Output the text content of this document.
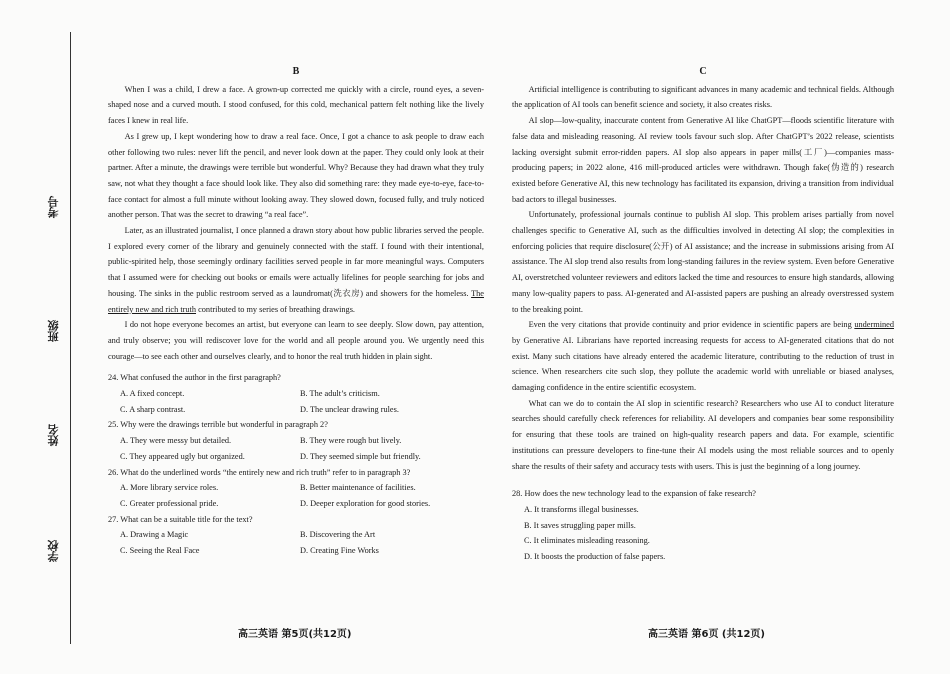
考号
班级
姓名
学校
B

When I was a child, I drew a face. A grown-up corrected me quickly with a circle, round eyes, a seven-shaped nose and a curved mouth. I stood confused, for this cold, mechanical pattern felt nothing like the lively faces I knew in real life.

As I grew up, I kept wondering how to draw a real face. Once, I got a chance to ask people to draw each other following two rules: never lift the pencil, and never look down at the paper. They could only look at their partner. After a minute, the drawings were terrible but wonderful. Why? Because they had drawn what they truly saw, not what they thought a face should look like. They also did something rare: they made eye-to-eye, face-to-face contact for almost a full minute without looking away. They slowed down, focused fully, and truly noticed another person. That was the secret to drawing “a real face”.

Later, as an illustrated journalist, I once planned a drawn story about how public libraries served the people. I explored every corner of the library and genuinely connected with the staff. I found with their intentional, public-spirited help, those seemingly ordinary facilities served people in far more meaningful ways. Computers that I assumed were for checking out books or emails were actually lifelines for people searching for jobs and housing. The sinks in the public restroom served as a laundromat(洗衣房) and showers for the homeless. The entirely new and rich truth contributed to my series of breathing drawings.

I do not hope everyone becomes an artist, but everyone can learn to see deeply. Slow down, pay attention, and truly observe; you will rediscover love for the world and all people around you. We urgently need this courage—to see each other and ourselves clearly, and to honor the real truth hidden in plain sight.

24. What confused the author in the first paragraph?
A. A fixed concept.	B. The adult’s criticism.
C. A sharp contrast.	D. The unclear drawing rules.
25. Why were the drawings terrible but wonderful in paragraph 2?
A. They were messy but detailed.	B. They were rough but lively.
C. They appeared ugly but organized.	D. They seemed simple but friendly.
26. What do the underlined words “the entirely new and rich truth” refer to in paragraph 3?
A. More library service roles.	B. Better maintenance of facilities.
C. Greater professional pride.	D. Deeper exploration for good stories.
27. What can be a suitable title for the text?
A. Drawing a Magic	B. Discovering the Art
C. Seeing the Real Face	D. Creating Fine Works
C

Artificial intelligence is contributing to significant advances in many academic and technical fields. Although the application of AI tools can benefit science and society, it also creates risks.

AI slop—low-quality, inaccurate content from Generative AI like ChatGPT—floods scientific literature with false data and misleading reasoning. AI review tools favour such slop. After ChatGPT’s 2022 release, scientists lacking oversight submit error-ridden papers. AI slop also appears in paper mills(工厂)—companies mass-producing papers; in 2022 alone, 416 mill-produced articles were withdrawn. Though fake(伪造的) research existed before Generative AI, this new technology has facilitated its expansion, driving a transition from individual bad actors to illegal businesses.

Unfortunately, professional journals continue to publish AI slop. This problem arises partially from novel challenges specific to Generative AI, such as the difficulties involved in detecting AI slop; the complexities in enforcing policies that require disclosure(公开) of AI assistance; and the increase in submissions arising from AI assistance. The AI slop trend also results from long-standing failures in the review system. Even before Generative AI, overstretched volunteer reviewers and editors lacked the time and resources to ensure high standards, allowing many low-quality papers to pass. AI-generated and AI-assisted papers are pushing an already overstressed system to the breaking point.

Even the very citations that provide continuity and prior evidence in scientific papers are being undermined by Generative AI. Librarians have reported increasing requests for access to AI-generated citations that do not exist. Many such citations have already entered the academic literature, contributing to the reduction of trust in science. When researchers cite such slop, they pollute the academic world with unreliable or biased analyses, damaging confidence in the entire scientific ecosystem.

What can we do to contain the AI slop in scientific research? Researchers who use AI to conduct literature searches should carefully check references for reliability. AI developers and companies bear some responsibility for ensuring that these tools are trained on high-quality research papers and data. For example, scientific institutions can pressure developers to fine-tune their AI models using the most reliable sources and to openly share the results of their safety and accuracy tests with users. This is just the beginning of a long journey.

28. How does the new technology lead to the expansion of fake research?
A. It transforms illegal businesses.
B. It saves struggling paper mills.
C. It eliminates misleading reasoning.
D. It boosts the production of false papers.
高三英语 第5页(共12页)	高三英语 第6页 (共12页)
